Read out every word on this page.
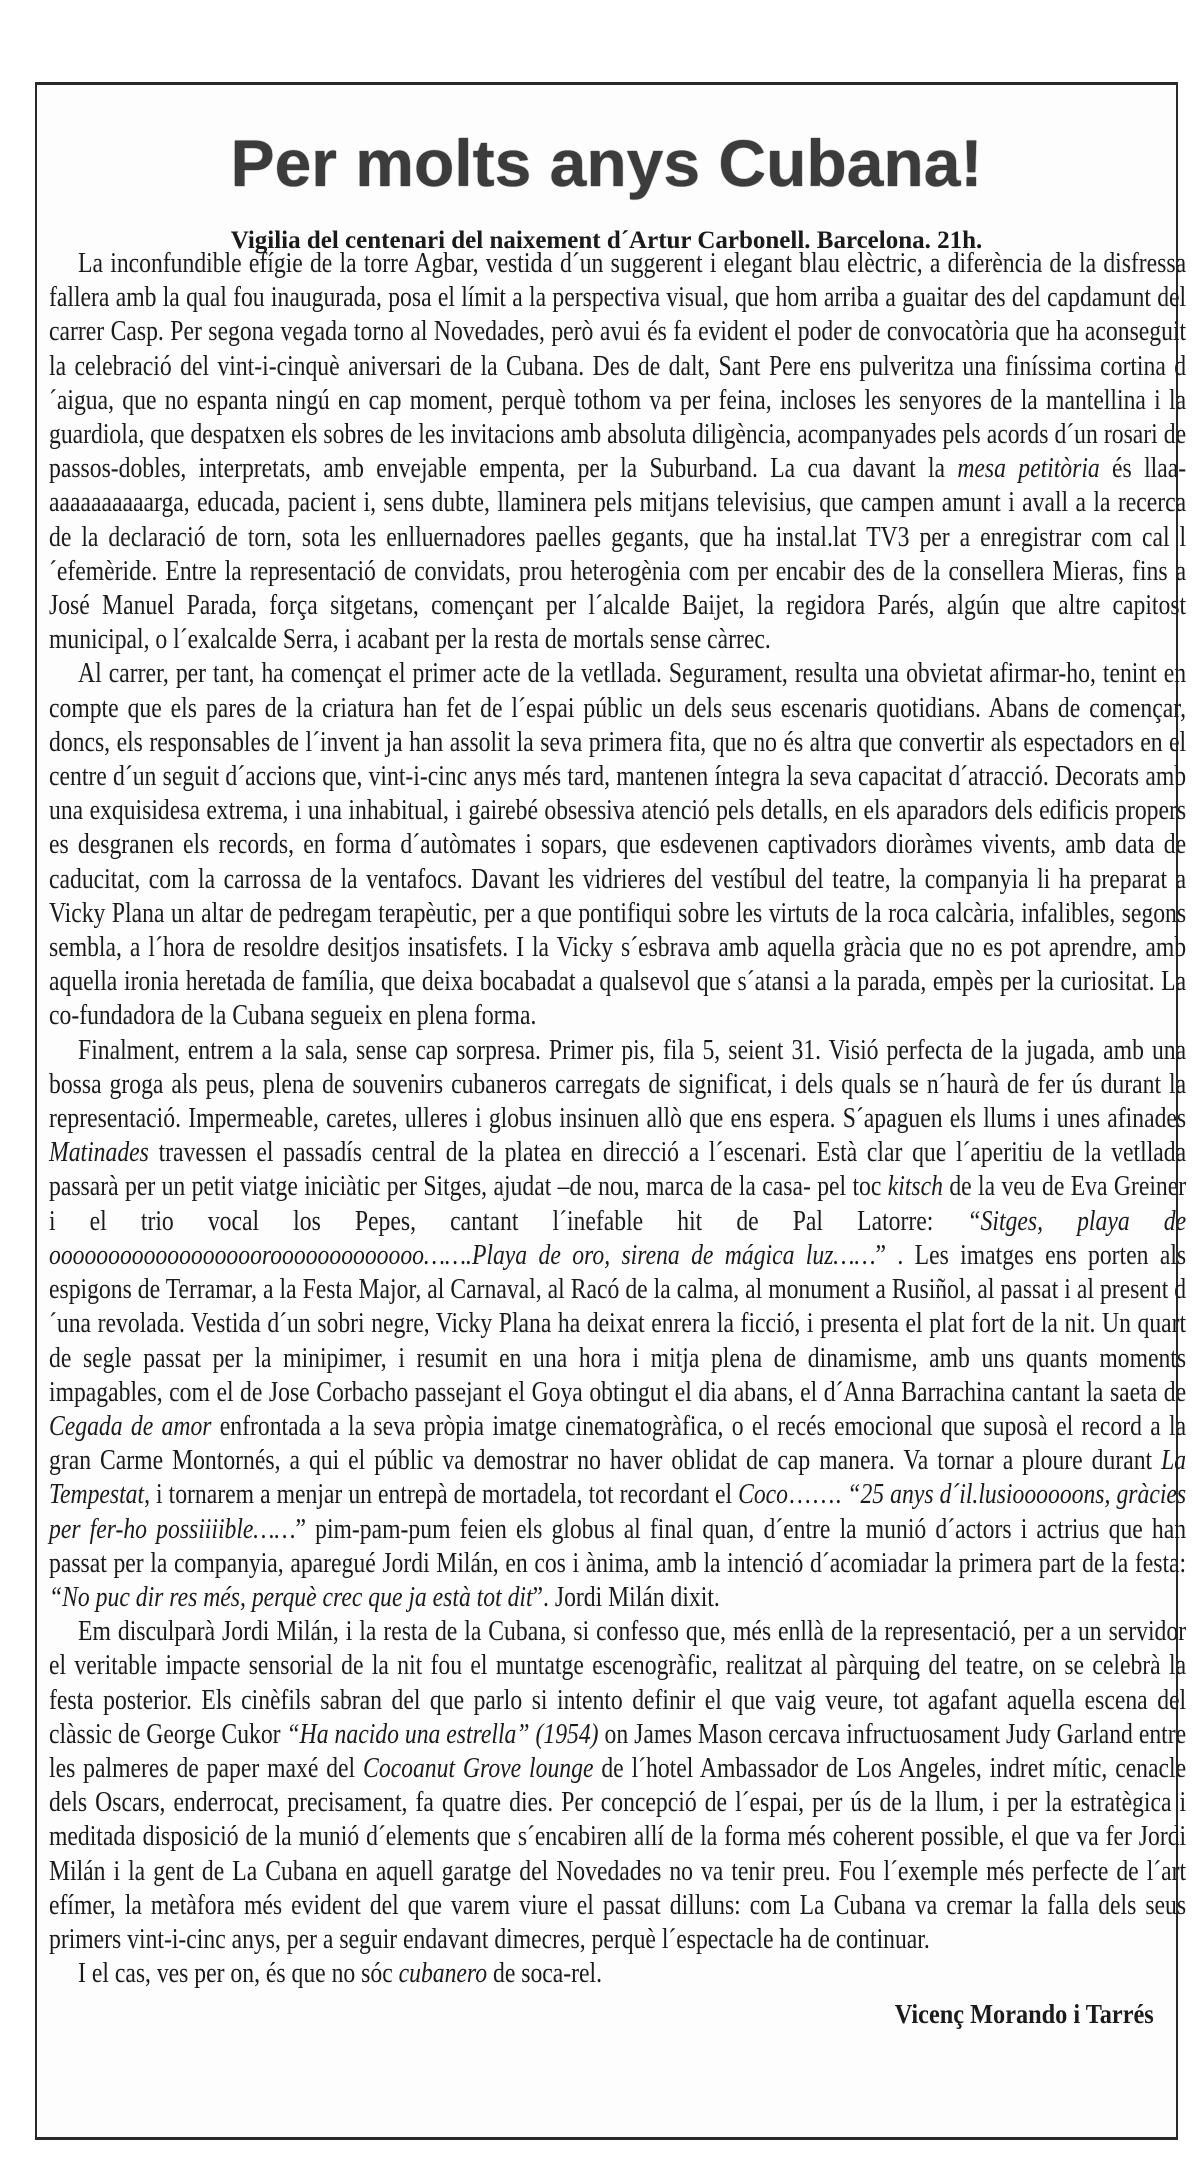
Per molts anys Cubana!
Vigilia del centenari del naixement d´Artur Carbonell. Barcelona. 21h.

La inconfundible efígie de la torre Agbar, vestida d´un suggerent i elegant blau elèctric, a diferència de la disfressa fallera amb la qual fou inaugurada, posa el límit a la perspectiva visual, que hom arriba a guaitar des del capdamunt del carrer Casp. Per segona vegada torno al Novedades, però avui és fa evident el poder de convocatòria que ha aconseguit la celebració del vint-i-cinquè aniversari de la Cubana. Des de dalt, Sant Pere ens pulveritza una finíssima cortina d´aigua, que no espanta ningú en cap moment, perquè tothom va per feina, incloses les senyores de la mantellina i la guardiola, que despatxen els sobres de les invitacions amb absoluta diligència, acompanyades pels acords d´un rosari de passos-dobles, interpretats, amb envejable empenta, per la Suburband. La cua davant la mesa petitòria és llaa-aaaaaaaaaarga, educada, pacient i, sens dubte, llaminera pels mitjans televisius, que campen amunt i avall a la recerca de la declaració de torn, sota les enlluernadores paelles gegants, que ha instal.lat TV3 per a enregistrar com cal l´efemèride. Entre la representació de convidats, prou heterogènia com per encabir des de la consellera Mieras, fins a José Manuel Parada, força sitgetans, començant per l´alcalde Baijet, la regidora Parés, algún que altre capitost municipal, o l´exalcalde Serra, i acabant per la resta de mortals sense càrrec.

Al carrer, per tant, ha començat el primer acte de la vetllada. Segurament, resulta una obvietat afirmar-ho, tenint en compte que els pares de la criatura han fet de l´espai públic un dels seus escenaris quotidians. Abans de començar, doncs, els responsables de l´invent ja han assolit la seva primera fita, que no és altra que convertir als espectadors en el centre d´un seguit d´accions que, vint-i-cinc anys més tard, mantenen íntegra la seva capacitat d´atracció. Decorats amb una exquisidesa extrema, i una inhabitual, i gairebé obsessiva atenció pels detalls, en els aparadors dels edificis propers es desgranen els records, en forma d´autòmates i sopars, que esdevenen captivadors dioràmes vivents, amb data de caducitat, com la carrossa de la ventafocs. Davant les vidrieres del vestíbul del teatre, la companyia li ha preparat a Vicky Plana un altar de pedregam terapèutic, per a que pontifiqui sobre les virtuts de la roca calcària, infalibles, segons sembla, a l´hora de resoldre desitjos insatisfets. I la Vicky s´esbrava amb aquella gràcia que no es pot aprendre, amb aquella ironia heretada de família, que deixa bocabadat a qualsevol que s´atansi a la parada, empès per la curiositat. La co-fundadora de la Cubana segueix en plena forma.

Finalment, entrem a la sala, sense cap sorpresa. Primer pis, fila 5, seient 31. Visió perfecta de la jugada, amb una bossa groga als peus, plena de souvenirs cubaneros carregats de significat, i dels quals se n´haurà de fer ús durant la representació. Impermeable, caretes, ulleres i globus insinuen allò que ens espera. S´apaguen els llums i unes afinades Matinades travessen el passadís central de la platea en direcció a l´escenari. Està clar que l´aperitiu de la vetllada passarà per un petit viatge iniciàtic per Sitges, ajudat –de nou, marca de la casa- pel toc kitsch de la veu de Eva Greiner i el trio vocal los Pepes, cantant l´inefable hit de Pal Latorre: “Sitges, playa de oooooooooooooooooorooooooooooooo…….Playa de oro, sirena de mágica luz……” . Les imatges ens porten als espigons de Terramar, a la Festa Major, al Carnaval, al Racó de la calma, al monument a Rusiñol, al passat i al present d´una revolada. Vestida d´un sobri negre, Vicky Plana ha deixat enrera la ficció, i presenta el plat fort de la nit. Un quart de segle passat per la minipimer, i resumit en una hora i mitja plena de dinamisme, amb uns quants moments impagables, com el de Jose Corbacho passejant el Goya obtingut el dia abans, el d´Anna Barrachina cantant la saeta de Cegada de amor enfrontada a la seva pròpia imatge cinematogràfica, o el recés emocional que suposà el record a la gran Carme Montornés, a qui el públic va demostrar no haver oblidat de cap manera. Va tornar a ploure durant La Tempestat, i tornarem a menjar un entrepà de mortadela, tot recordant el Coco……. “25 anys d´il.lusioooooons, gràcies per fer-ho possiiiible……” pim-pam-pum feien els globus al final quan, d´entre la munió d´actors i actrius que han passat per la companyia, aparegué Jordi Milán, en cos i ànima, amb la intenció d´acomiadar la primera part de la festa: “No puc dir res més, perquè crec que ja està tot dit”. Jordi Milán dixit.

Em disculparà Jordi Milán, i la resta de la Cubana, si confesso que, més enllà de la representació, per a un servidor el veritable impacte sensorial de la nit fou el muntatge escenogràfic, realitzat al pàrquing del teatre, on se celebrà la festa posterior. Els cinèfils sabran del que parlo si intento definir el que vaig veure, tot agafant aquella escena del clàssic de George Cukor “Ha nacido una estrella” (1954) on James Mason cercava infructuosament Judy Garland entre les palmeres de paper maxé del Cocoanut Grove lounge de l´hotel Ambassador de Los Angeles, indret mític, cenacle dels Oscars, enderrocat, precisament, fa quatre dies. Per concepció de l´espai, per ús de la llum, i per la estratègica i meditada disposició de la munió d´elements que s´encabiren allí de la forma més coherent possible, el que va fer Jordi Milán i la gent de La Cubana en aquell garatge del Novedades no va tenir preu. Fou l´exemple més perfecte de l´art efímer, la metàfora més evident del que varem viure el passat dilluns: com La Cubana va cremar la falla dels seus primers vint-i-cinc anys, per a seguir endavant dimecres, perquè l´espectacle ha de continuar.

I el cas, ves per on, és que no sóc cubanero de soca-rel.

Vicenç Morando i Tarrés
